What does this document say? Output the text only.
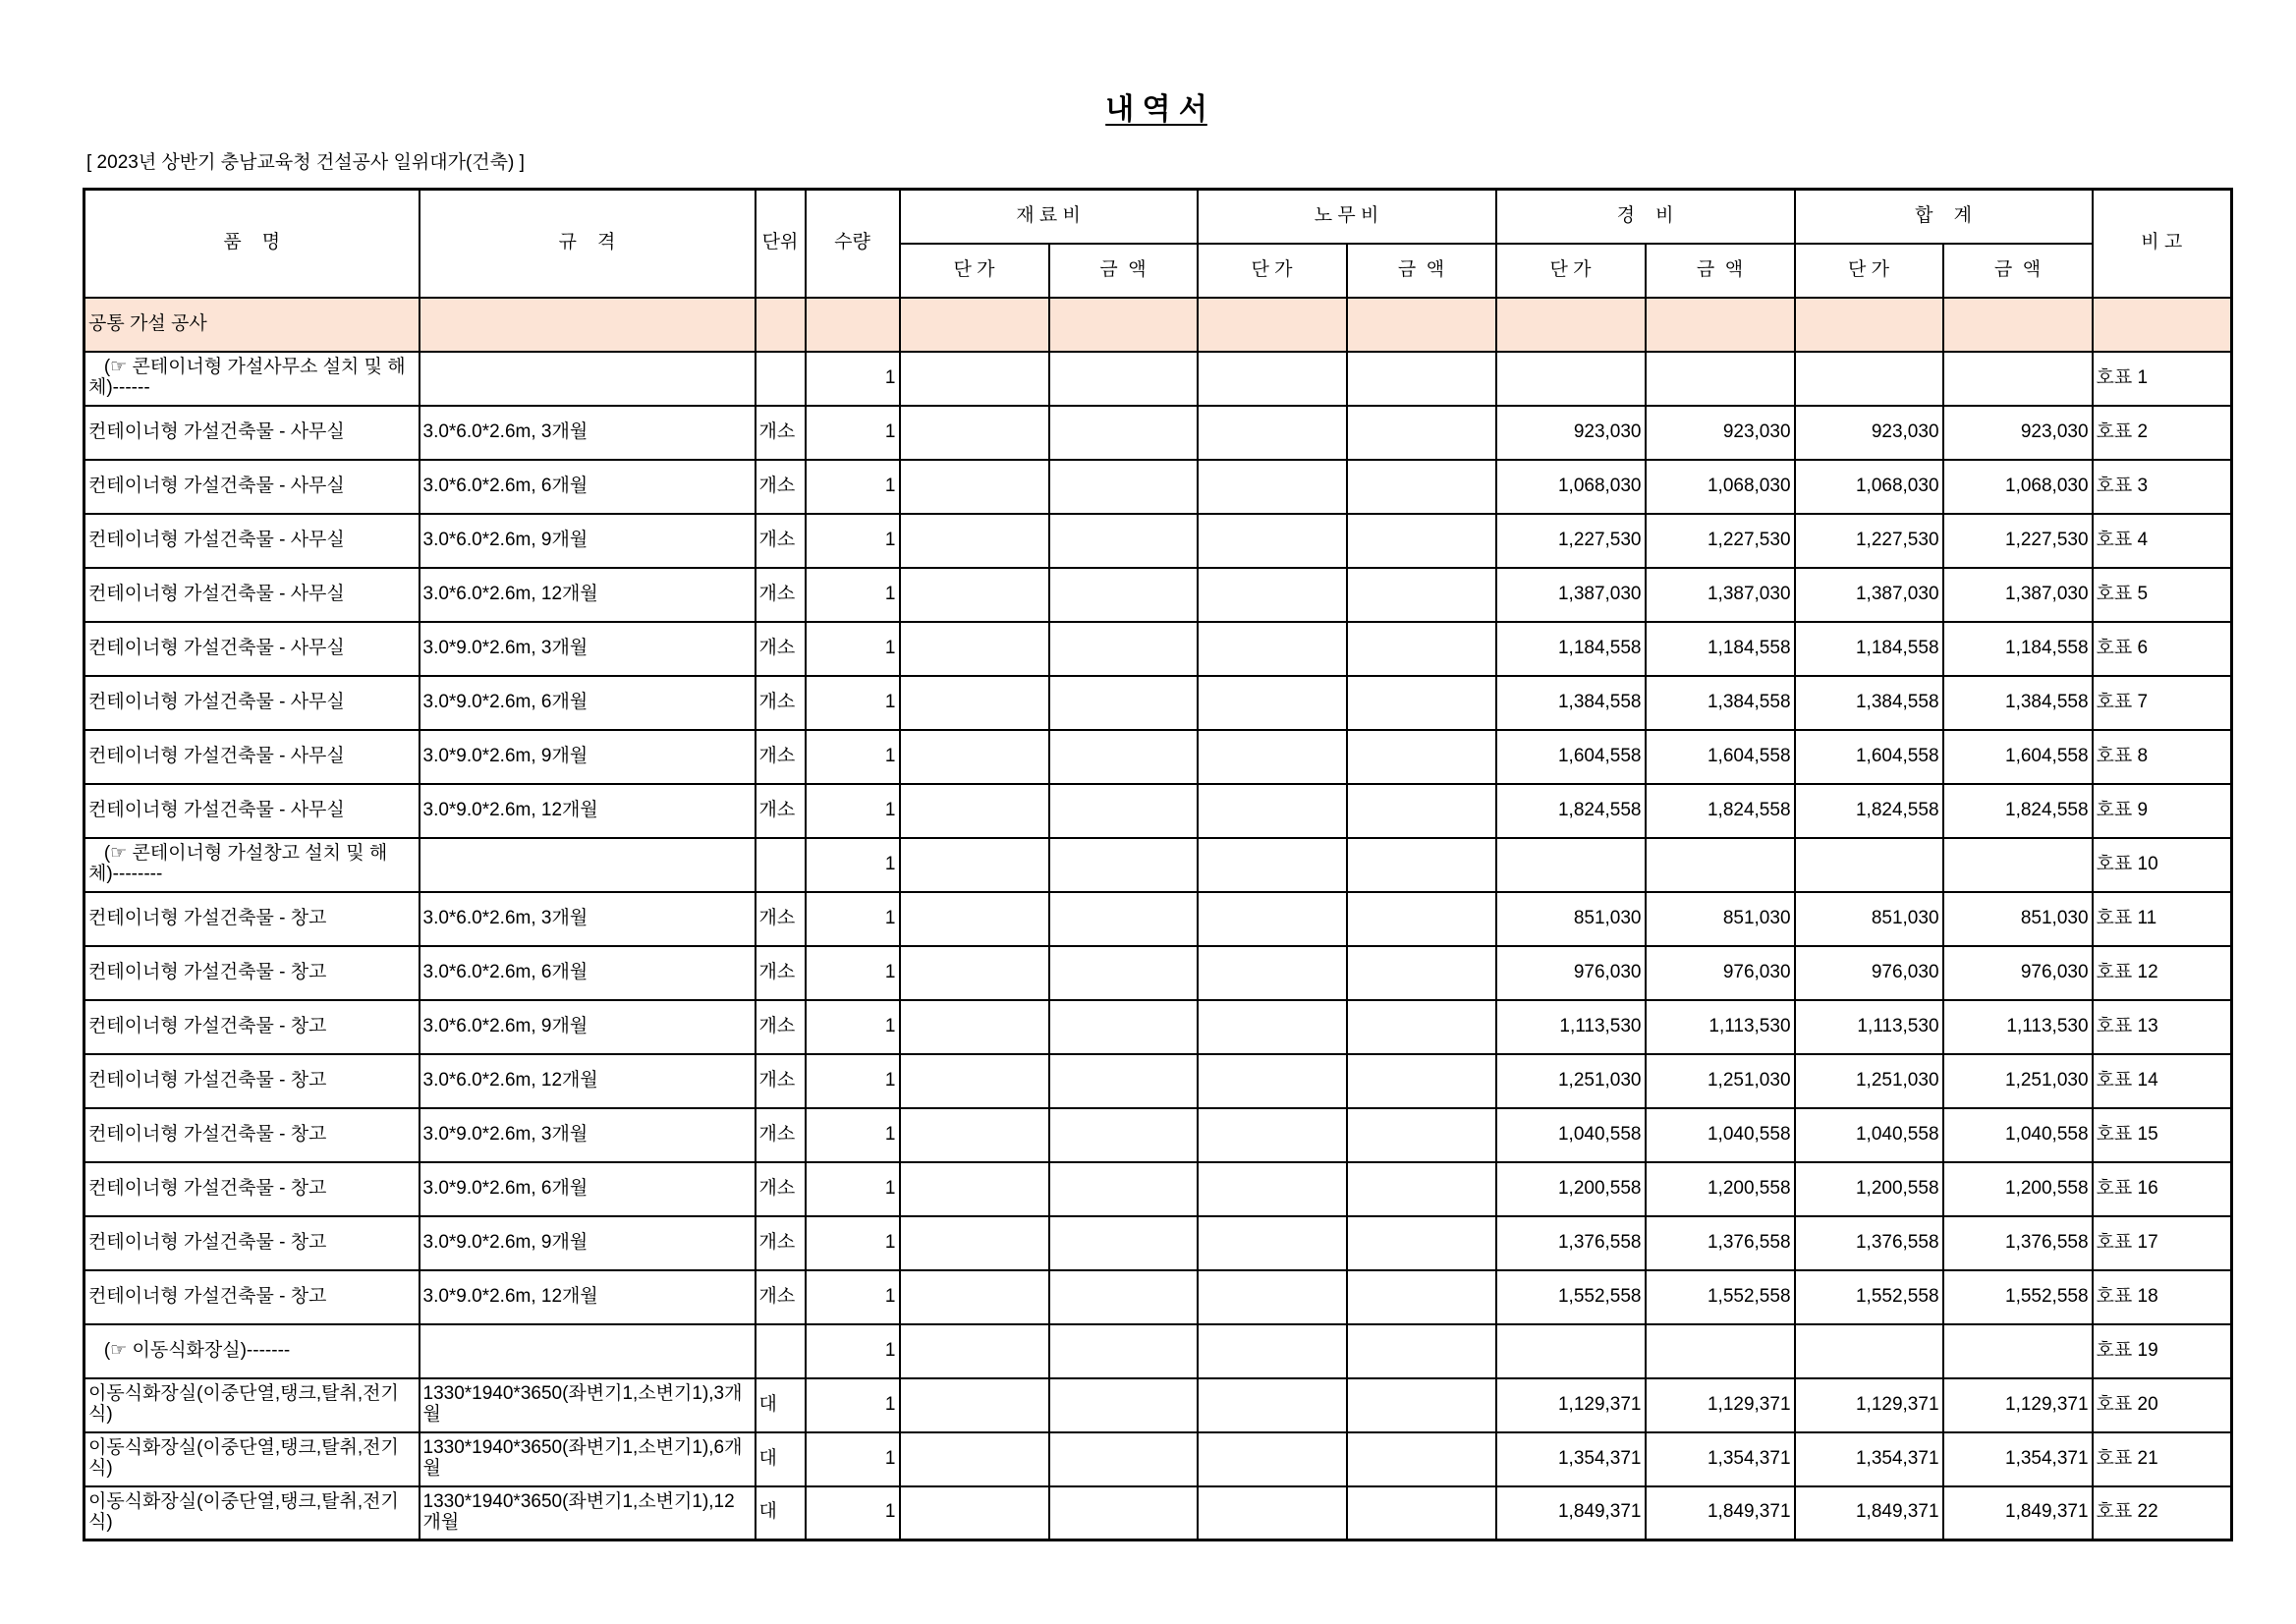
내 역 서
[ 2023년 상반기 충남교육청 건설공사 일위대가(건축) ]
품    명	규    격	단위	수량	재 료 비		노 무 비		경    비		합    계		비 고
				단 가	금  액	단 가	금  액	단 가	금  액	단 가	금  액	
공통 가설 공사												
(☞ 콘테이너형 가설사무소 설치 및 해체)------			1									호표 1
컨테이너형 가설건축물 - 사무실	3.0*6.0*2.6m, 3개월	개소	1					923,030	923,030	923,030	923,030	호표 2
컨테이너형 가설건축물 - 사무실	3.0*6.0*2.6m, 6개월	개소	1					1,068,030	1,068,030	1,068,030	1,068,030	호표 3
컨테이너형 가설건축물 - 사무실	3.0*6.0*2.6m, 9개월	개소	1					1,227,530	1,227,530	1,227,530	1,227,530	호표 4
컨테이너형 가설건축물 - 사무실	3.0*6.0*2.6m, 12개월	개소	1					1,387,030	1,387,030	1,387,030	1,387,030	호표 5
컨테이너형 가설건축물 - 사무실	3.0*9.0*2.6m, 3개월	개소	1					1,184,558	1,184,558	1,184,558	1,184,558	호표 6
컨테이너형 가설건축물 - 사무실	3.0*9.0*2.6m, 6개월	개소	1					1,384,558	1,384,558	1,384,558	1,384,558	호표 7
컨테이너형 가설건축물 - 사무실	3.0*9.0*2.6m, 9개월	개소	1					1,604,558	1,604,558	1,604,558	1,604,558	호표 8
컨테이너형 가설건축물 - 사무실	3.0*9.0*2.6m, 12개월	개소	1					1,824,558	1,824,558	1,824,558	1,824,558	호표 9
(☞ 콘테이너형 가설창고 설치 및 해체)--------			1									호표 10
컨테이너형 가설건축물 - 창고	3.0*6.0*2.6m, 3개월	개소	1					851,030	851,030	851,030	851,030	호표 11
컨테이너형 가설건축물 - 창고	3.0*6.0*2.6m, 6개월	개소	1					976,030	976,030	976,030	976,030	호표 12
컨테이너형 가설건축물 - 창고	3.0*6.0*2.6m, 9개월	개소	1					1,113,530	1,113,530	1,113,530	1,113,530	호표 13
컨테이너형 가설건축물 - 창고	3.0*6.0*2.6m, 12개월	개소	1					1,251,030	1,251,030	1,251,030	1,251,030	호표 14
컨테이너형 가설건축물 - 창고	3.0*9.0*2.6m, 3개월	개소	1					1,040,558	1,040,558	1,040,558	1,040,558	호표 15
컨테이너형 가설건축물 - 창고	3.0*9.0*2.6m, 6개월	개소	1					1,200,558	1,200,558	1,200,558	1,200,558	호표 16
컨테이너형 가설건축물 - 창고	3.0*9.0*2.6m, 9개월	개소	1					1,376,558	1,376,558	1,376,558	1,376,558	호표 17
컨테이너형 가설건축물 - 창고	3.0*9.0*2.6m, 12개월	개소	1					1,552,558	1,552,558	1,552,558	1,552,558	호표 18
(☞ 이동식화장실)-------			1									호표 19
이동식화장실(이중단열,탱크,탈취,전기식)	1330*1940*3650(좌변기1,소변기1),3개월	대	1					1,129,371	1,129,371	1,129,371	1,129,371	호표 20
이동식화장실(이중단열,탱크,탈취,전기식)	1330*1940*3650(좌변기1,소변기1),6개월	대	1					1,354,371	1,354,371	1,354,371	1,354,371	호표 21
이동식화장실(이중단열,탱크,탈취,전기식)	1330*1940*3650(좌변기1,소변기1),12개월	대	1					1,849,371	1,849,371	1,849,371	1,849,371	호표 22
